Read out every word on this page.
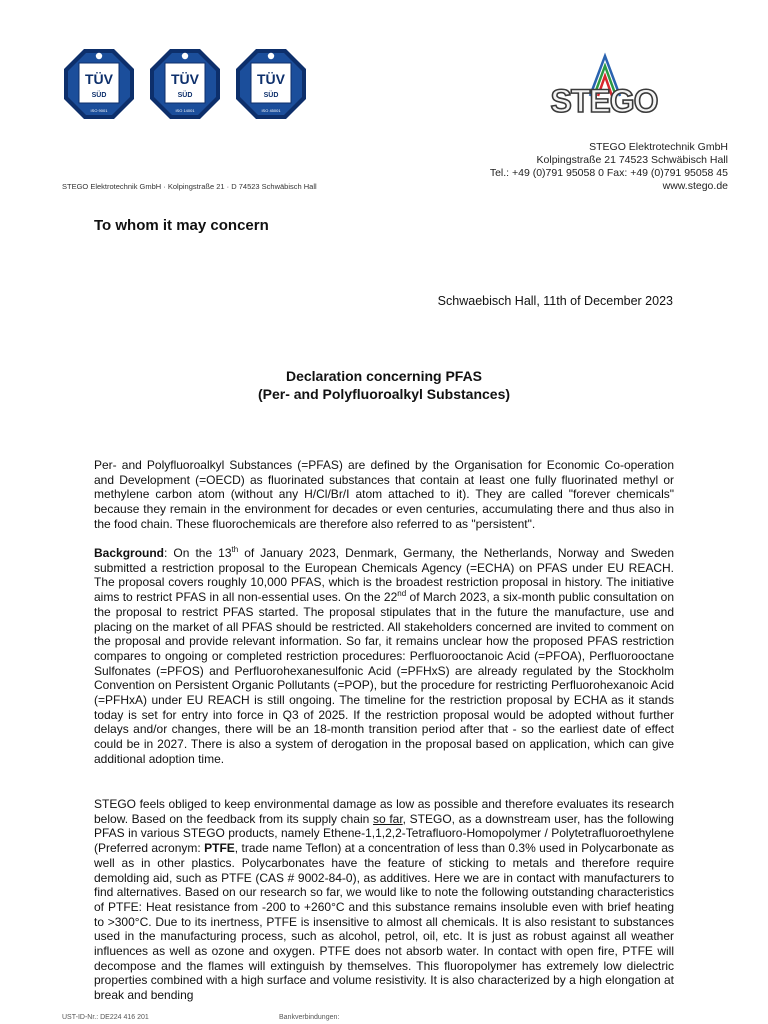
TÜV
SÜD
ISO 9001
TÜV
SÜD
ISO 14001
TÜV
SÜD
ISO 45001	STEGO
STEGO Elektrotechnik GmbH
Kolpingstraße 21 74523 Schwäbisch Hall
Tel.: +49 (0)791 95058 0 Fax: +49 (0)791 95058 45
www.stego.de
STEGO Elektrotechnik GmbH · Kolpingstraße 21 · D 74523 Schwäbisch Hall
To whom it may concern
Schwaebisch Hall, 11th of December 2023
Declaration concerning PFAS
(Per- and Polyfluoroalkyl Substances)

Per- and Polyfluoroalkyl Substances (=PFAS) are defined by the Organisation for Economic Co-operation and Development (=OECD) as fluorinated substances that contain at least one fully fluorinated methyl or methylene carbon atom (without any H/Cl/Br/I atom attached to it). They are called "forever chemicals" because they remain in the environment for decades or even centuries, accumulating there and thus also in the food chain. These fluorochemicals are therefore also referred to as "persistent".

Background: On the 13th of January 2023, Denmark, Germany, the Netherlands, Norway and Sweden submitted a restriction proposal to the European Chemicals Agency (=ECHA) on PFAS under EU REACH. The proposal covers roughly 10,000 PFAS, which is the broadest restriction proposal in history. The initiative aims to restrict PFAS in all non-essential uses. On the 22nd of March 2023, a six-month public consultation on the proposal to restrict PFAS started. The proposal stipulates that in the future the manufacture, use and placing on the market of all PFAS should be restricted. All stakeholders concerned are invited to comment on the proposal and provide relevant information. So far, it remains unclear how the proposed PFAS restriction compares to ongoing or completed restriction procedures: Perfluorooctanoic Acid (=PFOA), Perfluorooctane Sulfonates (=PFOS) and Perfluorohexanesulfonic Acid (=PFHxS) are already regulated by the Stockholm Convention on Persistent Organic Pollutants (=POP), but the procedure for restricting Perfluorohexanoic Acid (=PFHxA) under EU REACH is still ongoing. The timeline for the restriction proposal by ECHA as it stands today is set for entry into force in Q3 of 2025. If the restriction proposal would be adopted without further delays and/or changes, there will be an 18-month transition period after that - so the earliest date of effect could be in 2027. There is also a system of derogation in the proposal based on application, which can give additional adoption time.

STEGO feels obliged to keep environmental damage as low as possible and therefore evaluates its research below. Based on the feedback from its supply chain so far, STEGO, as a downstream user, has the following PFAS in various STEGO products, namely Ethene-1,1,2,2-Tetrafluoro-Homopolymer / Polytetrafluoroethylene (Preferred acronym: PTFE, trade name Teflon) at a concentration of less than 0.3% used in Polycarbonate as well as in other plastics. Polycarbonates have the feature of sticking to metals and therefore require demolding aid, such as PTFE (CAS # 9002-84-0), as additives. Here we are in contact with manufacturers to find alternatives. Based on our research so far, we would like to note the following outstanding characteristics of PTFE: Heat resistance from -200 to +260°C and this substance remains insoluble even with brief heating to >300°C. Due to its inertness, PTFE is insensitive to almost all chemicals. It is also resistant to substances used in the manufacturing process, such as alcohol, petrol, oil, etc. It is just as robust against all weather influences as well as ozone and oxygen. PTFE does not absorb water. In contact with open fire, PTFE will decompose and the flames will extinguish by themselves. This fluoropolymer has extremely low dielectric properties combined with a high surface and volume resistivity. It is also characterized by a high elongation at break and bending

UST-ID-Nr.: DE224 416 201	Bankverbindungen:
